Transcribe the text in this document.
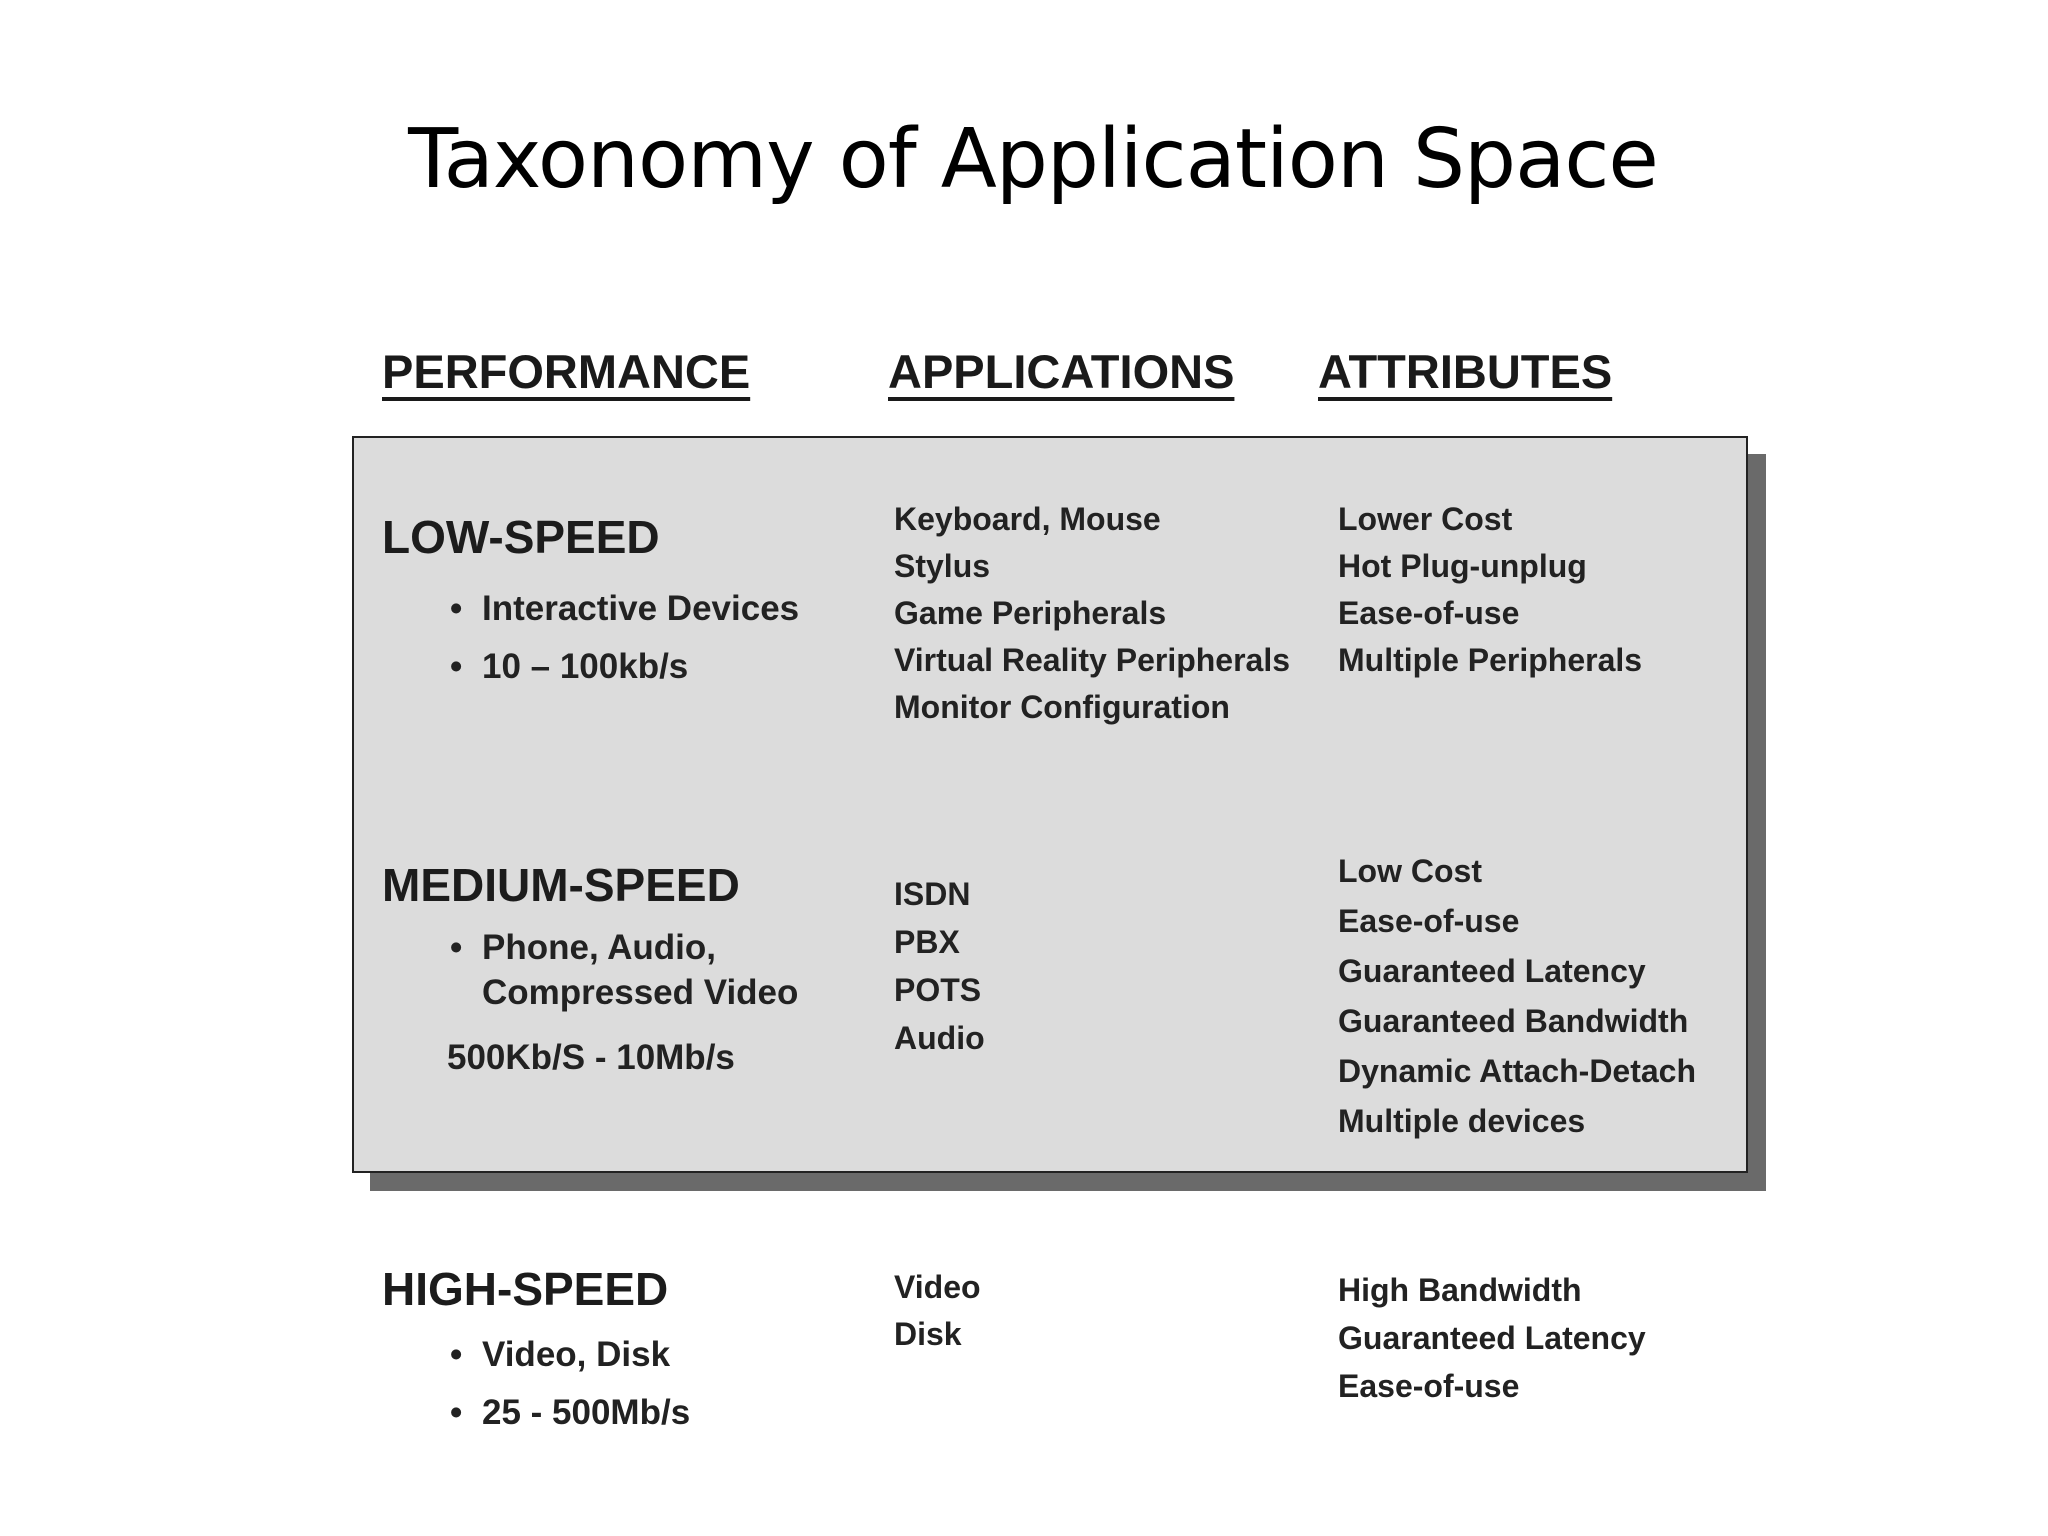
Taxonomy of Application Space
PERFORMANCE	APPLICATIONS ATTRIBUTES
LOW-SPEED
• Interactive Devices
• 10 – 100kb/s
Keyboard, Mouse
Stylus
Game Peripherals
Virtual Reality Peripherals
Monitor Configuration
Lower Cost
Hot Plug-unplug
Ease-of-use
Multiple Peripherals
MEDIUM-SPEED
• Phone, Audio,
Compressed Video
500Kb/S - 10Mb/s
ISDN
PBX
POTS
Audio
Low Cost
Ease-of-use
Guaranteed Latency
Guaranteed Bandwidth
Dynamic Attach-Detach
Multiple devices
HIGH-SPEED
• Video, Disk
• 25 - 500Mb/s
Video
Disk
High Bandwidth
Guaranteed Latency
Ease-of-use
